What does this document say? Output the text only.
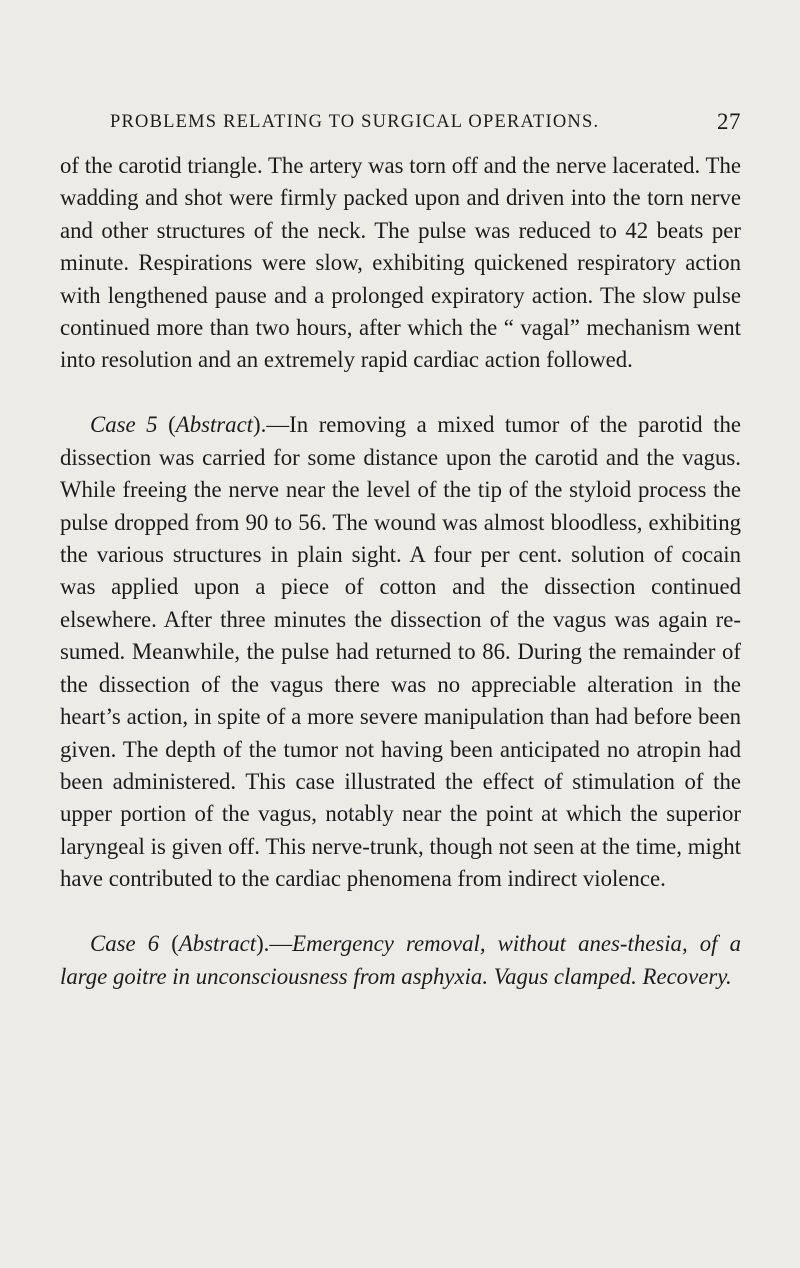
PROBLEMS RELATING TO SURGICAL OPERATIONS.	27

of the carotid triangle. The artery was torn off and the nerve lacerated. The wadding and shot were firmly packed upon and driven into the torn nerve and other structures of the neck. The pulse was reduced to 42 beats per minute. Respirations were slow, exhibiting quickened respiratory action with lengthened pause and a prolonged expiratory action. The slow pulse continued more than two hours, after which the “ vagal” mechanism went into resolution and an extremely rapid cardiac action followed.

Case 5 (Abstract).—In removing a mixed tumor of the parotid the dissection was carried for some distance upon the carotid and the vagus. While freeing the nerve near the level of the tip of the styloid process the pulse dropped from 90 to 56. The wound was almost bloodless, exhibiting the various structures in plain sight. A four per cent. solution of cocain was applied upon a piece of cotton and the dissection continued elsewhere. After three minutes the dissection of the vagus was again re-sumed. Meanwhile, the pulse had returned to 86. During the remainder of the dissection of the vagus there was no appreciable alteration in the heart’s action, in spite of a more severe manipulation than had before been given. The depth of the tumor not having been anticipated no atropin had been administered. This case illustrated the effect of stimulation of the upper portion of the vagus, notably near the point at which the superior laryngeal is given off. This nerve-trunk, though not seen at the time, might have contributed to the cardiac phenomena from indirect violence.

Case 6 (Abstract).—Emergency removal, without anes-thesia, of a large goitre in unconsciousness from asphyxia. Vagus clamped. Recovery.
